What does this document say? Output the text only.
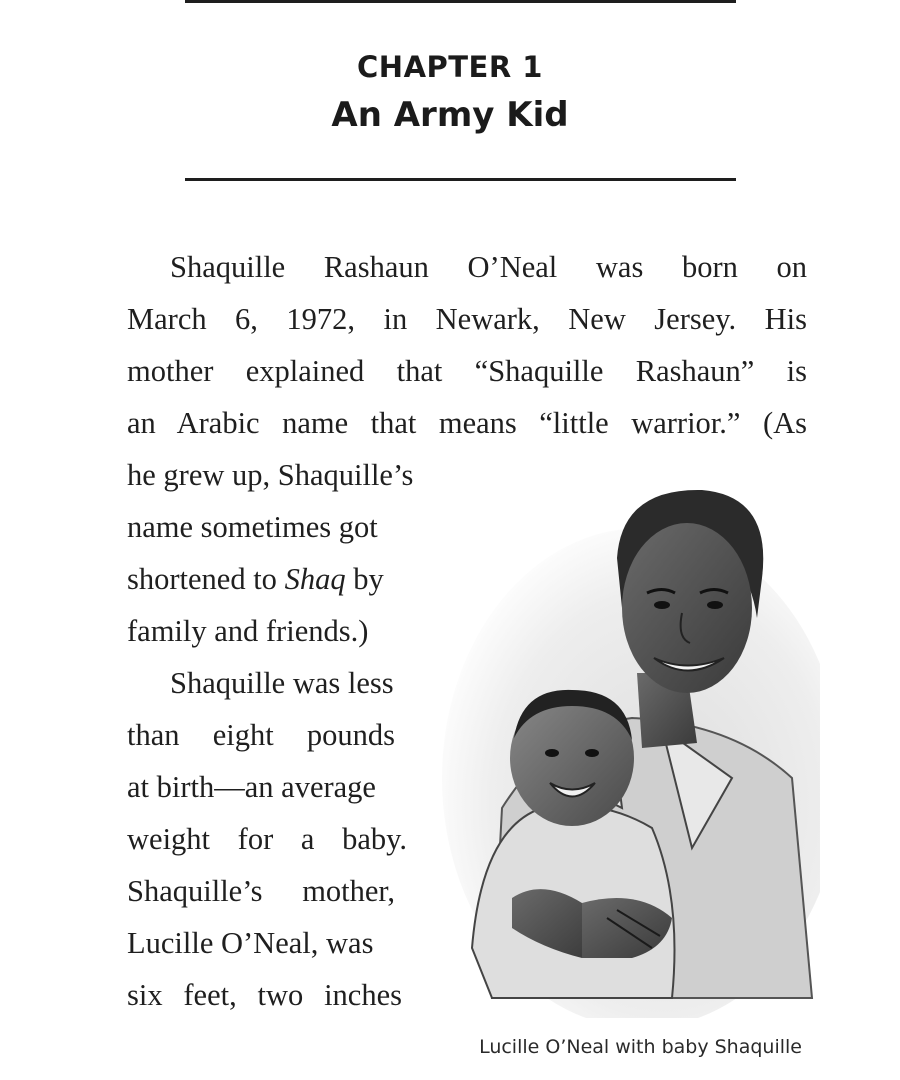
CHAPTER 1
An Army Kid
Shaquille Rashaun O’Neal was born on
March 6, 1972, in Newark, New Jersey. His
mother explained that “Shaquille Rashaun” is
an Arabic name that means “little warrior.” (As
he grew up, Shaquille’s
name sometimes got
shortened to Shaq by
family and friends.)
Shaquille was less
than eight pounds
at birth—an average
weight for a baby.
Shaquille’s mother,
Lucille O’Neal, was
six feet, two inches
Lucille O’Neal with baby Shaquille
